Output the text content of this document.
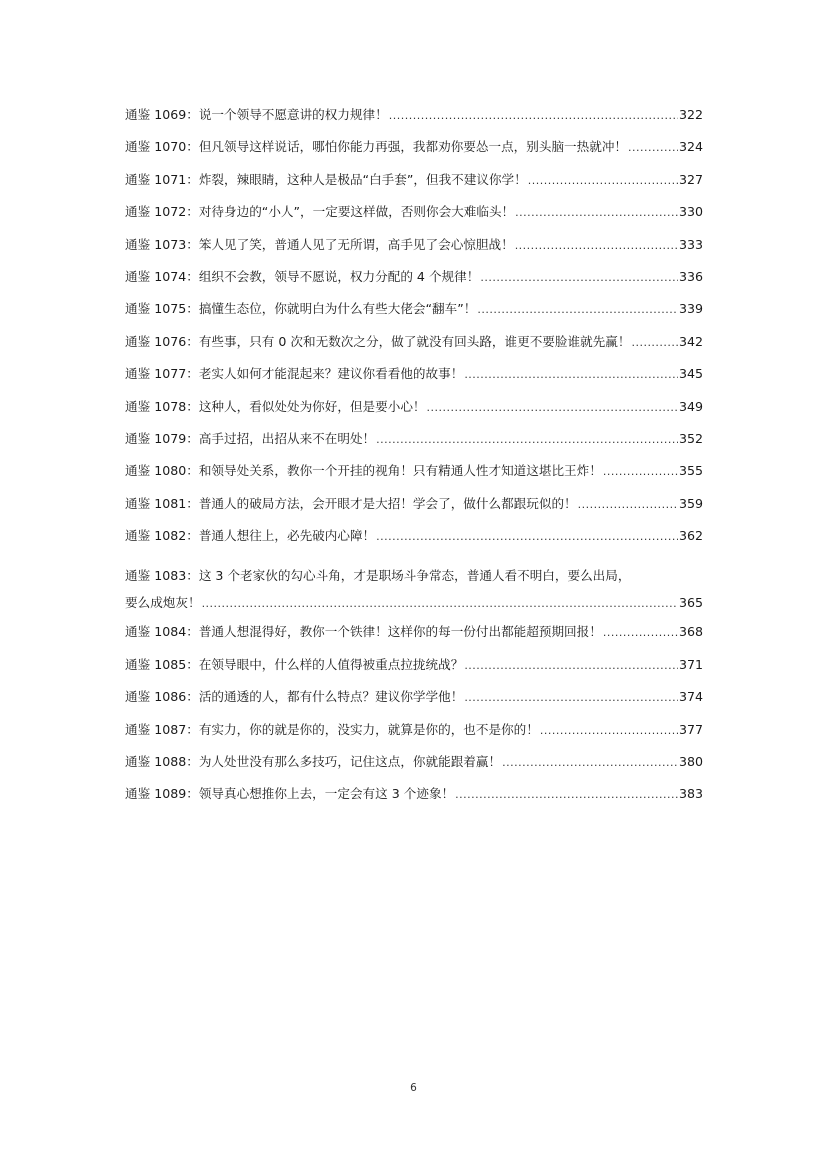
通鉴 1069：说一个领导不愿意讲的权力规律！ .....	322
通鉴 1070：但凡领导这样说话，哪怕你能力再强，我都劝你要怂一点，别头脑一热就冲！ .....	324
通鉴 1071：炸裂，辣眼睛，这种人是极品“白手套”，但我不建议你学！ .....	327
通鉴 1072：对待身边的“小人”，一定要这样做，否则你会大难临头！ .....	330
通鉴 1073：笨人见了笑，普通人见了无所谓，高手见了会心惊胆战！ .....	333
通鉴 1074：组织不会教，领导不愿说，权力分配的 4 个规律！ .....	336
通鉴 1075：搞懂生态位，你就明白为什么有些大佬会“翻车”！ .....	339
通鉴 1076：有些事，只有 0 次和无数次之分，做了就没有回头路，谁更不要脸谁就先赢！ .....	342
通鉴 1077：老实人如何才能混起来？建议你看看他的故事！ .....	345
通鉴 1078：这种人，看似处处为你好，但是要小心！ .....	349
通鉴 1079：高手过招，出招从来不在明处！ .....	352
通鉴 1080：和领导处关系，教你一个开挂的视角！只有精通人性才知道这堪比王炸！ .....	355
通鉴 1081：普通人的破局方法，会开眼才是大招！学会了，做什么都跟玩似的！ .....	359
通鉴 1082：普通人想往上，必先破内心障！ .....	362
通鉴 1083：这 3 个老家伙的勾心斗角，才是职场斗争常态，普通人看不明白，要么出局，
要么成炮灰！ .....	365
通鉴 1084：普通人想混得好，教你一个铁律！这样你的每一份付出都能超预期回报！ .....	368
通鉴 1085：在领导眼中，什么样的人值得被重点拉拢统战？ .....	371
通鉴 1086：活的通透的人，都有什么特点？建议你学学他！ .....	374
通鉴 1087：有实力，你的就是你的，没实力，就算是你的，也不是你的！ .....	377
通鉴 1088：为人处世没有那么多技巧，记住这点，你就能跟着赢！ .....	380
通鉴 1089：领导真心想推你上去，一定会有这 3 个迹象！ .....	383
6
